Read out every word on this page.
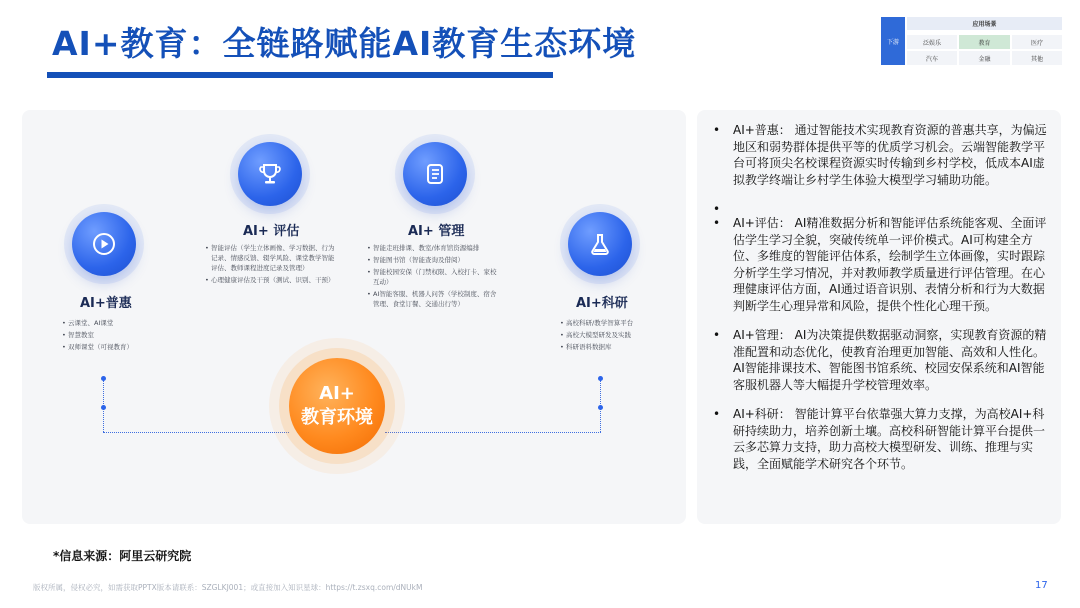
AI+教育：全链路赋能AI教育生态环境	下游
应用场景
泛娱乐	教育	医疗
汽车	金融	其他
AI+普惠
• 云课堂、AI课堂
• 智慧教室
• 双师课堂（可视教育）
AI+ 评估
• 智能评估（学生立体画像、学习数据、行为记录、情感反馈、辍学风险、课堂教学智能评估、教师课程进度记录及管理）
• 心理健康评估及干预（测试、识别、干预）
AI+ 管理
• 智能走班排课、教室/体育馆资源编排
• 智能图书馆（智能查询及借阅）
• 智能校园安保（门禁权限、入校打卡、家校互动）
• AI智能客服、机器人问答（学校制度、宿舍管理、食堂订餐、交通出行等）	AI+科研
• 高校科研/教学智算平台
• 高校大模型研发及实践
• 科研语料数据库
AI+
教育环境
• AI+普惠： 通过智能技术实现教育资源的普惠共享，为偏远地区和弱势群体提供平等的优质学习机会。云端智能教学平台可将顶尖名校课程资源实时传输到乡村学校，低成本AI虚拟教学终端让乡村学生体验大模型学习辅助功能。
•
• AI+评估： AI精准数据分析和智能评估系统能客观、全面评估学生学习全貌，突破传统单一评价模式。AI可构建全方位、多维度的智能评估体系，绘制学生立体画像，实时跟踪分析学生学习情况，并对教师教学质量进行评估管理。在心理健康评估方面，AI通过语音识别、表情分析和行为大数据判断学生心理异常和风险，提供个性化心理干预。
• AI+管理： AI为决策提供数据驱动洞察，实现教育资源的精准配置和动态优化，使教育治理更加智能、高效和人性化。AI智能排课技术、智能图书馆系统、校园安保系统和AI智能客服机器人等大幅提升学校管理效率。
• AI+科研： 智能计算平台依靠强大算力支撑，为高校AI+科研持续助力，培养创新土壤。高校科研智能计算平台提供一云多芯算力支持，助力高校大模型研发、训练、推理与实践，全面赋能学术研究各个环节。
*信息来源：阿里云研究院
版权所属，侵权必究，如需获取PPTX版本请联系：SZGLKJ001；或直接加入知识星球：https://t.zsxq.com/dNUkM	17
